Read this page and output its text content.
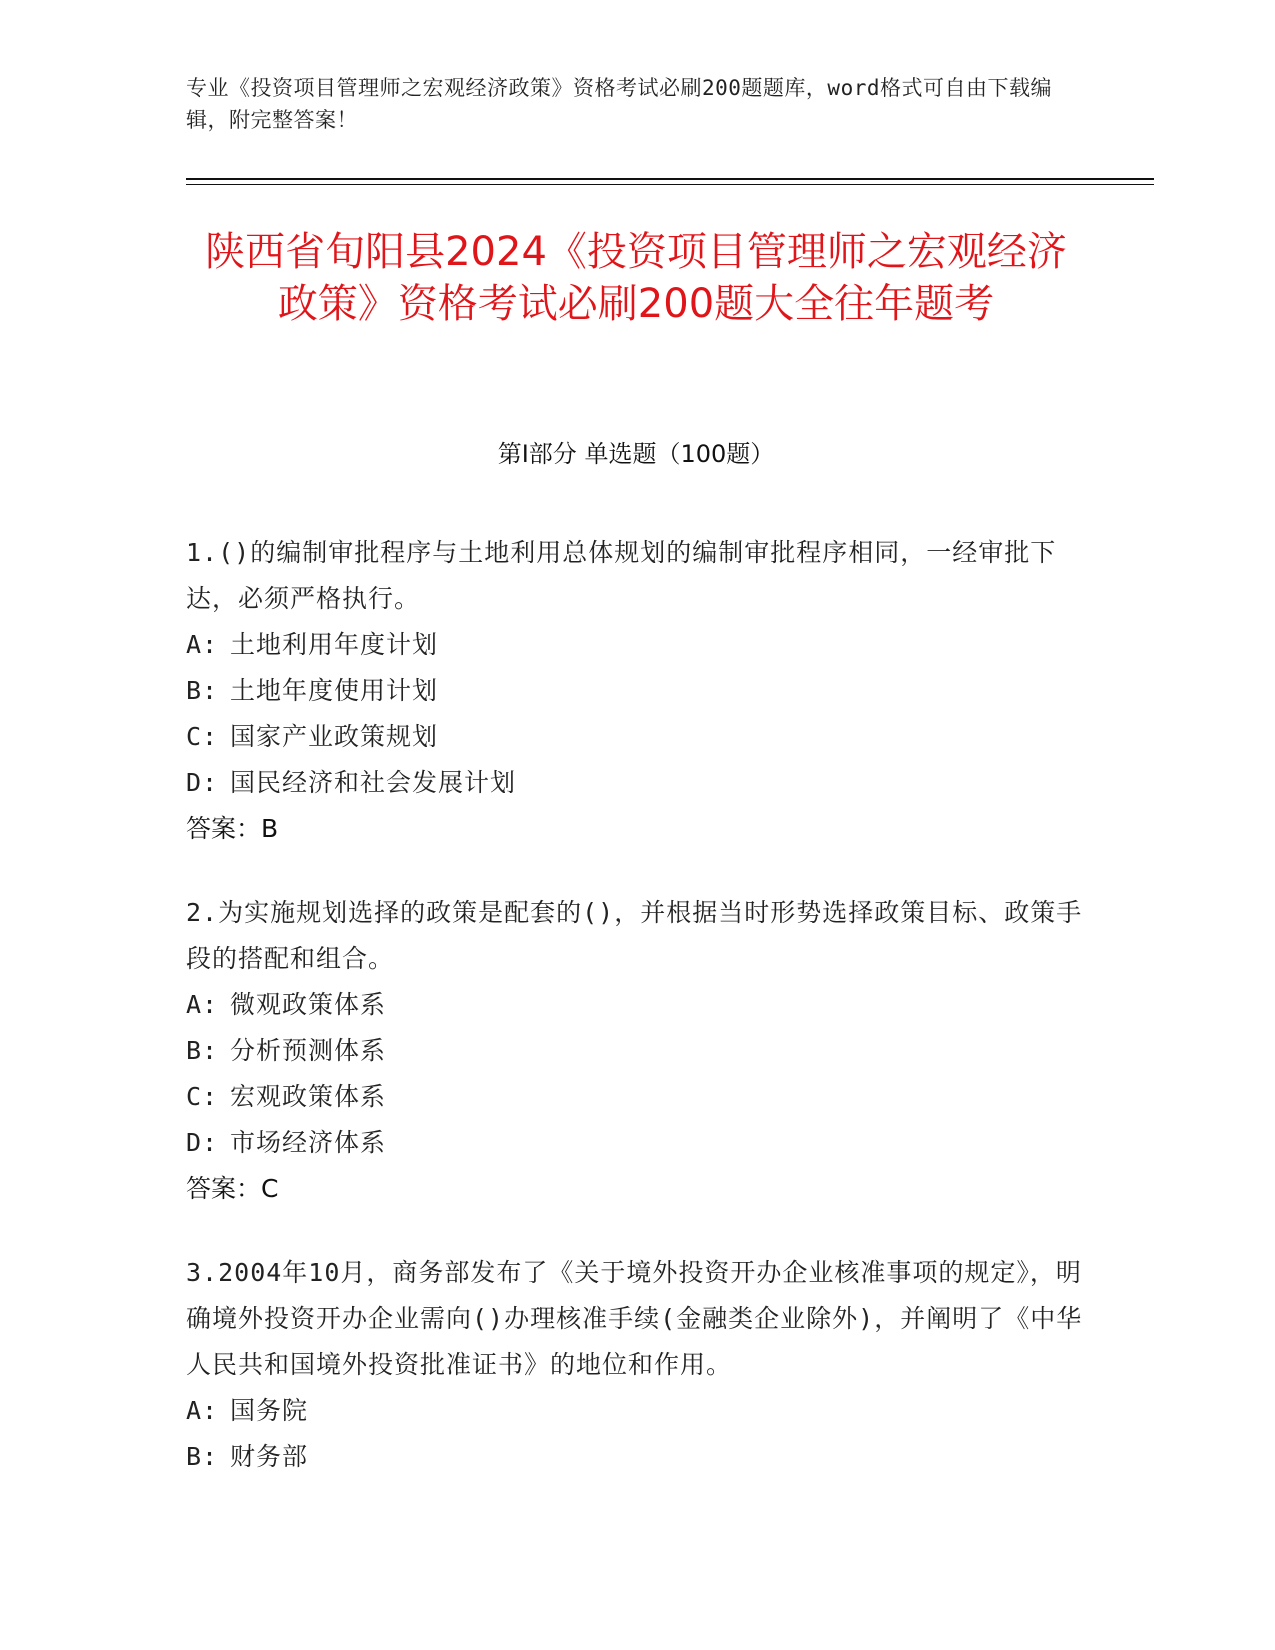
专业《投资项目管理师之宏观经济政策》资格考试必刷200题题库，word格式可自由下载编辑，附完整答案！
陕西省旬阳县2024《投资项目管理师之宏观经济政策》资格考试必刷200题大全往年题考
第Ⅰ部分 单选题（100题）
1.()的编制审批程序与土地利用总体规划的编制审批程序相同，一经审批下达，必须严格执行。
A: 土地利用年度计划
B: 土地年度使用计划
C: 国家产业政策规划
D: 国民经济和社会发展计划
答案：B
2.为实施规划选择的政策是配套的()，并根据当时形势选择政策目标、政策手段的搭配和组合。
A: 微观政策体系
B: 分析预测体系
C: 宏观政策体系
D: 市场经济体系
答案：C
3.2004年10月，商务部发布了《关于境外投资开办企业核准事项的规定》，明确境外投资开办企业需向()办理核准手续(金融类企业除外)，并阐明了《中华人民共和国境外投资批准证书》的地位和作用。
A: 国务院
B: 财务部
